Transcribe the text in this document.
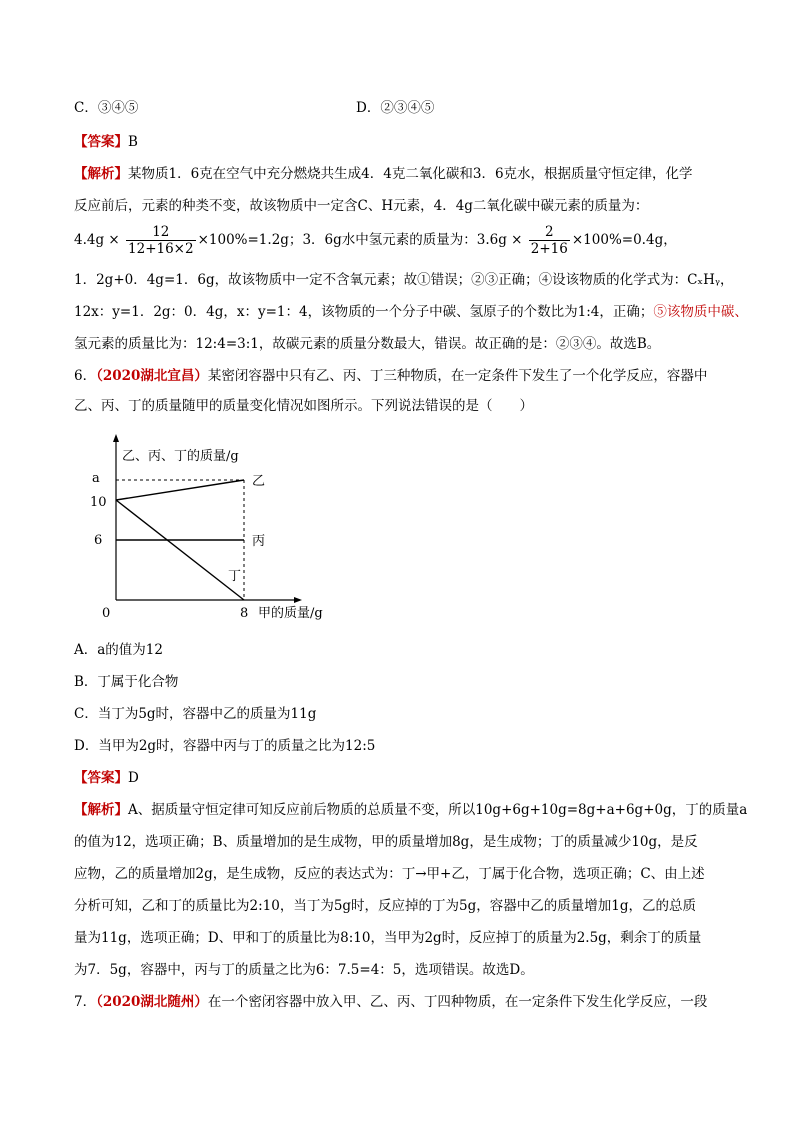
C．③④⑤	D．②③④⑤
【答案】B
【解析】某物质1．6克在空气中充分燃烧共生成4．4克二氧化碳和3．6克水，根据质量守恒定律，化学
反应前后，元素的种类不变，故该物质中一定含C、H元素，4．4g二氧化碳中碳元素的质量为：
$4.4g \times \frac{12}{12+16\times 2} \times 100\%=1.2g$；3．6g水中氢元素的质量为：$3.6g \times \frac{2}{2+16} \times 100\%=0.4g$，
1．2g+0．4g=1．6g，故该物质中一定不含氧元素；故①错误；②③正确；④设该物质的化学式为：CₓHᵧ，
12x：y=1．2g：0．4g，x：y=1：4，该物质的一个分子中碳、氢原子的个数比为1:4，正确；⑤该物质中碳、
氢元素的质量比为：12:4=3:1，故碳元素的质量分数最大，错误。故正确的是：②③④。故选B。
6．（2020湖北宜昌）某密闭容器中只有乙、丙、丁三种物质，在一定条件下发生了一个化学反应，容器中
乙、丙、丁的质量随甲的质量变化情况如图所示。下列说法错误的是（　　）
乙、丙、丁的质量/g
甲的质量/g
0	8
6
10
a	乙
丙
丁
A．a的值为12
B．丁属于化合物
C．当丁为5g时，容器中乙的质量为11g
D．当甲为2g时，容器中丙与丁的质量之比为12:5
【答案】D
【解析】A、据质量守恒定律可知反应前后物质的总质量不变，所以10g+6g+10g=8g+a+6g+0g，丁的质量a
的值为12，选项正确；B、质量增加的是生成物，甲的质量增加8g，是生成物；丁的质量减少10g，是反
应物，乙的质量增加2g，是生成物，反应的表达式为：丁→甲+乙，丁属于化合物，选项正确；C、由上述
分析可知，乙和丁的质量比为2:10，当丁为5g时，反应掉的丁为5g，容器中乙的质量增加1g，乙的总质
量为11g，选项正确；D、甲和丁的质量比为8:10，当甲为2g时，反应掉丁的质量为2.5g，剩余丁的质量
为7．5g，容器中，丙与丁的质量之比为6：7.5=4：5，选项错误。故选D。
7．（2020湖北随州）在一个密闭容器中放入甲、乙、丙、丁四种物质，在一定条件下发生化学反应，一段
